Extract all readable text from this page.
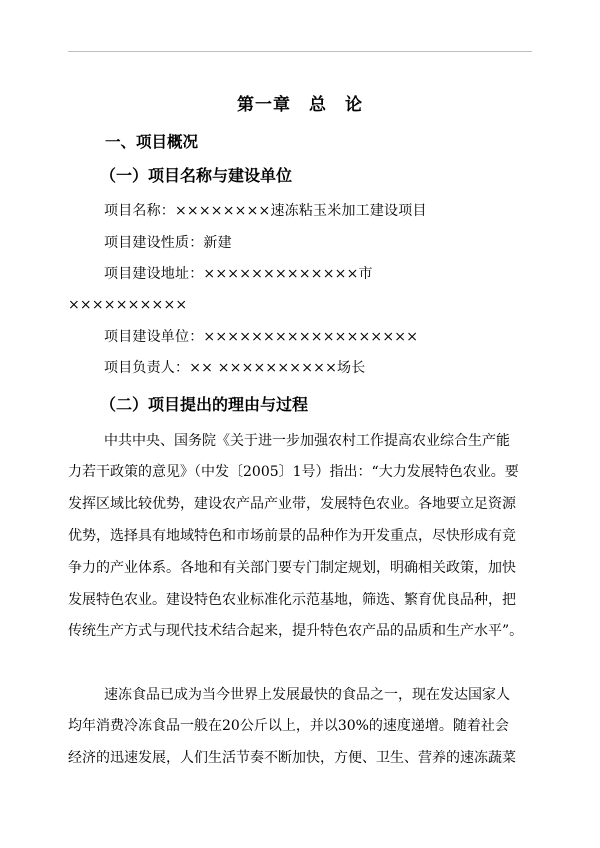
第一章　总　论
一、项目概况
（一）项目名称与建设单位
项目名称：××××××××速冻粘玉米加工建设项目
项目建设性质：新建
项目建设地址：×××××××××××××市
××××××××××
项目建设单位：××××××××××××××××××
项目负责人：×× ××××××××××场长
（二）项目提出的理由与过程
中共中央、国务院《关于进一步加强农村工作提高农业综合生产能
力若干政策的意见》（中发〔2005〕1号）指出：“大力发展特色农业。要
发挥区域比较优势，建设农产品产业带，发展特色农业。各地要立足资源
优势，选择具有地域特色和市场前景的品种作为开发重点，尽快形成有竞
争力的产业体系。各地和有关部门要专门制定规划，明确相关政策，加快
发展特色农业。建设特色农业标准化示范基地，筛选、繁育优良品种，把
传统生产方式与现代技术结合起来，提升特色农产品的品质和生产水平”。
速冻食品已成为当今世界上发展最快的食品之一，现在发达国家人
均年消费冷冻食品一般在20公斤以上，并以30%的速度递增。随着社会
经济的迅速发展，人们生活节奏不断加快，方便、卫生、营养的速冻蔬菜
